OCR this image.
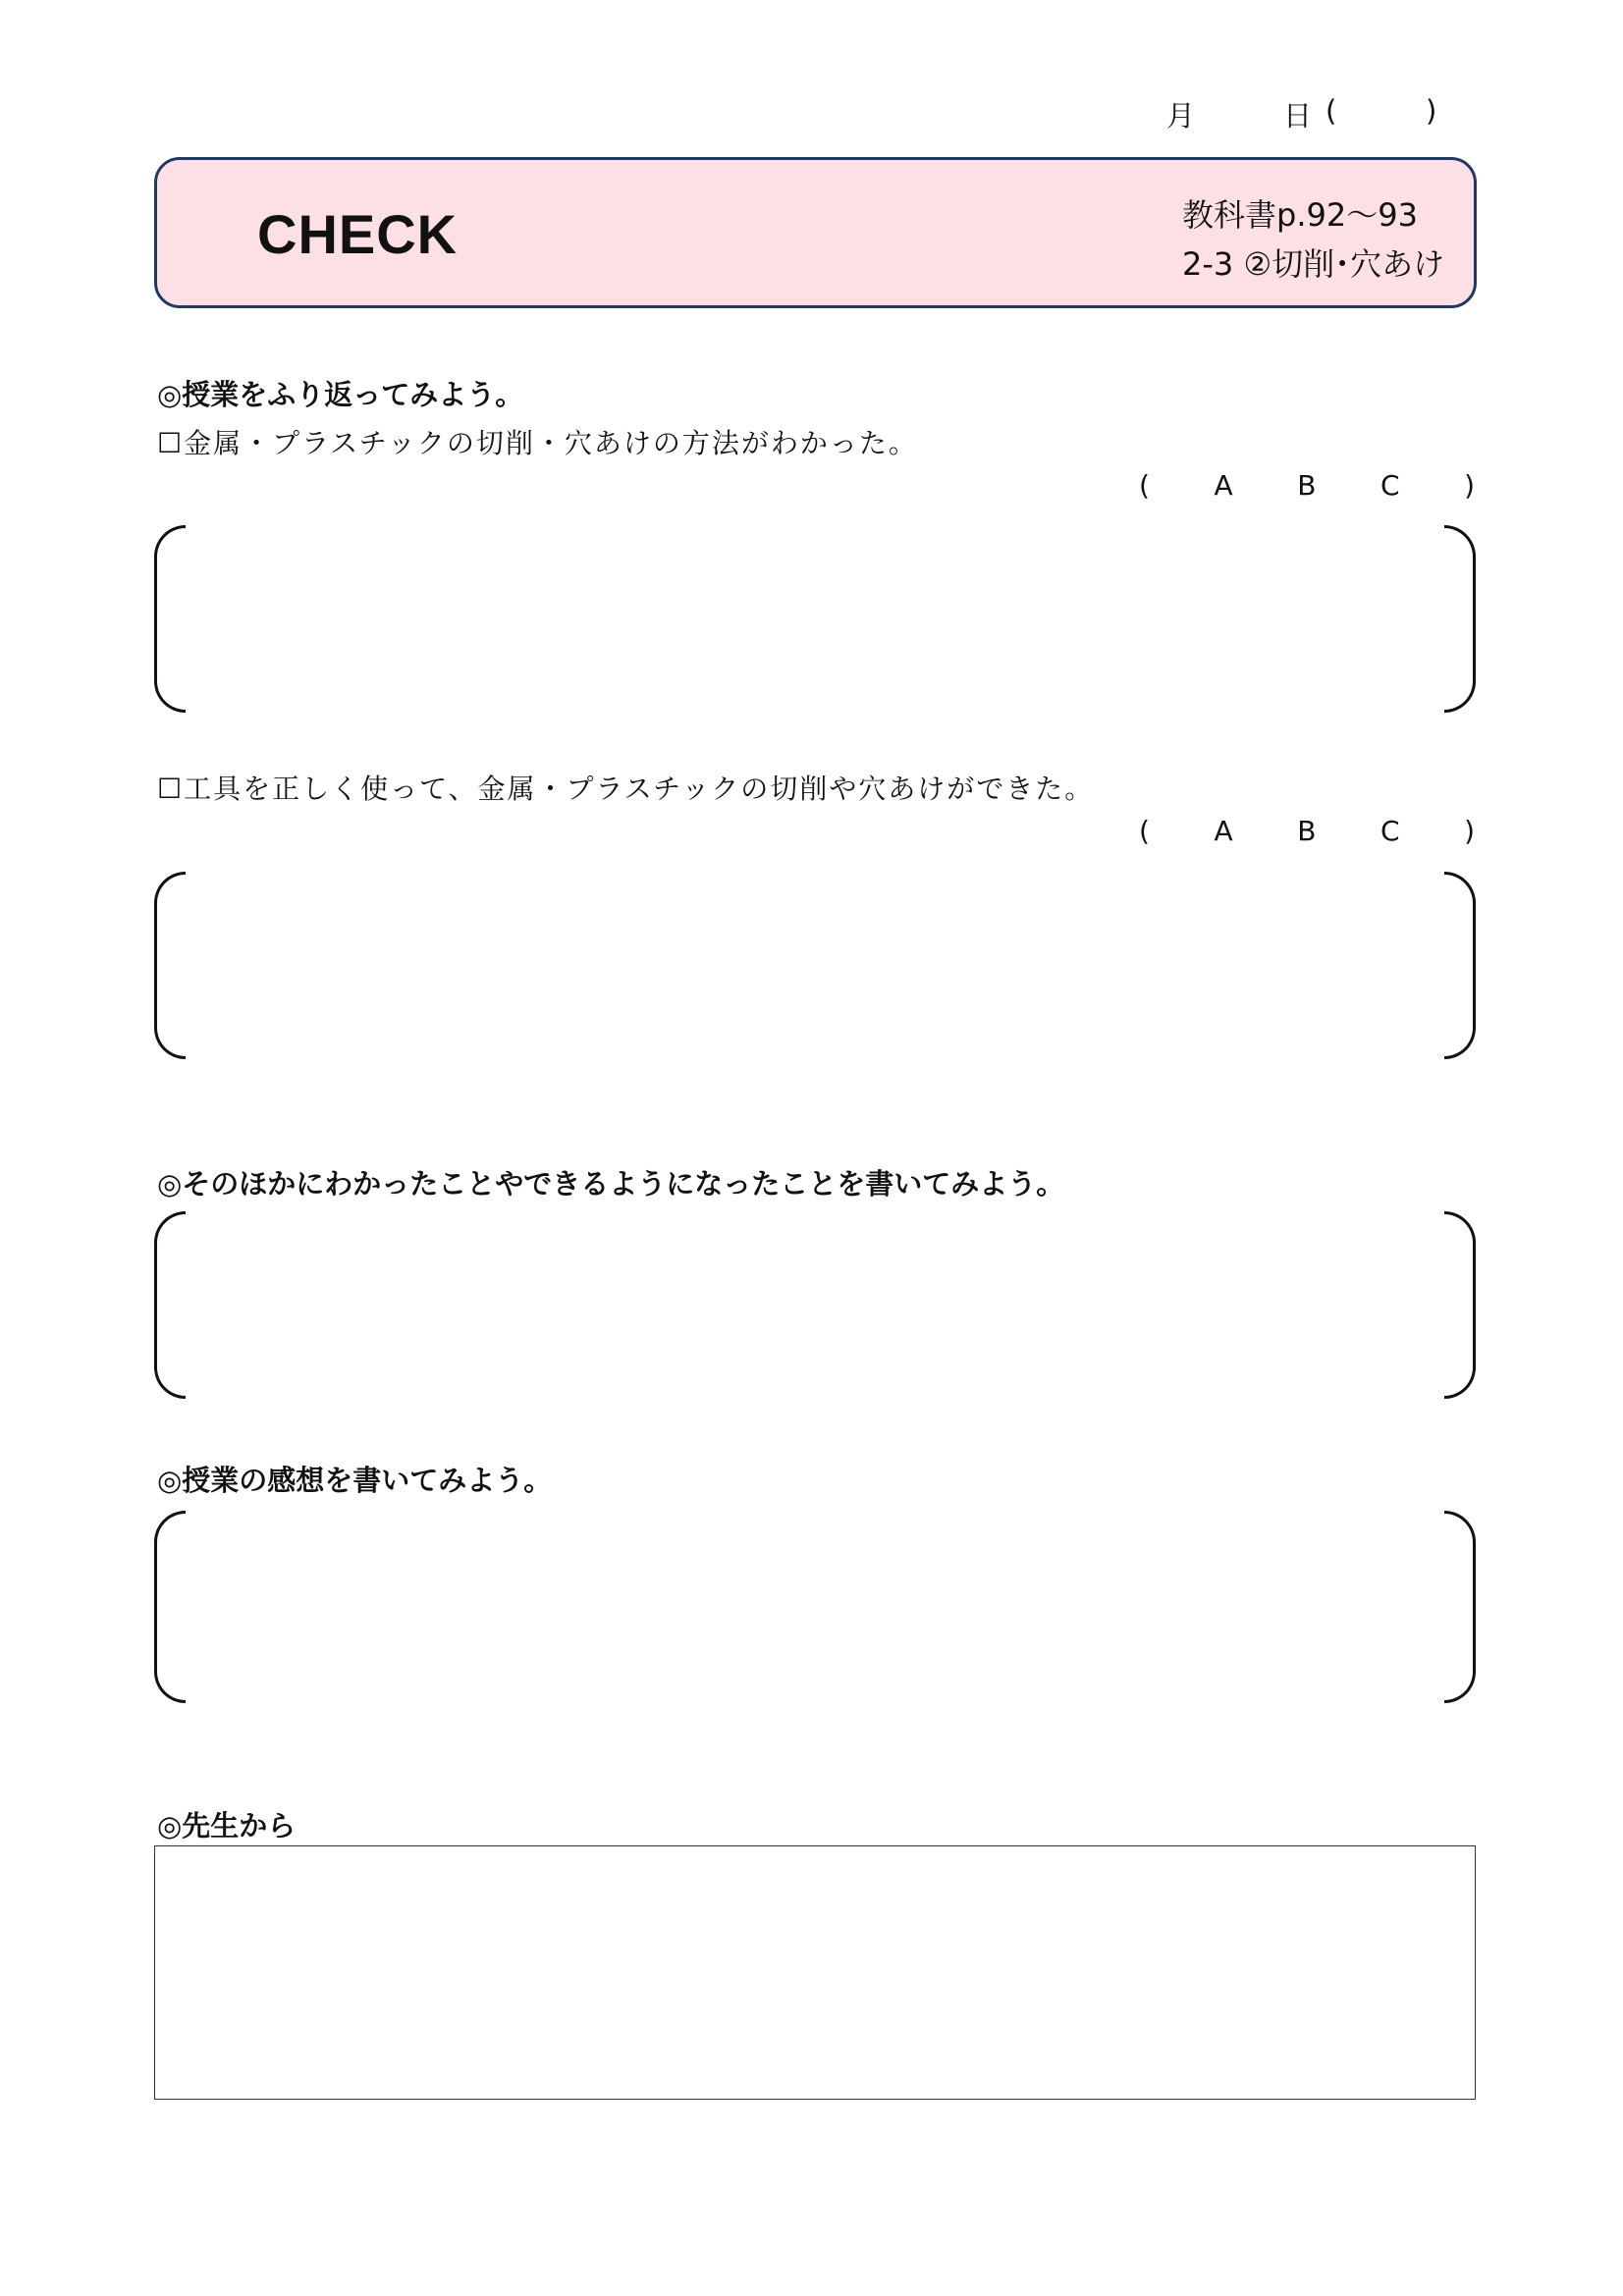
月	日 (	)
CHECK	教科書p.92～93
2-3 ②切削･穴あけ
◎授業をふり返ってみよう。
☐金属・プラスチックの切削・穴あけの方法がわかった。
( A B C )
☐工具を正しく使って、金属・プラスチックの切削や穴あけができた。
( A B C )
◎そのほかにわかったことやできるようになったことを書いてみよう。
◎授業の感想を書いてみよう。
◎先生から
